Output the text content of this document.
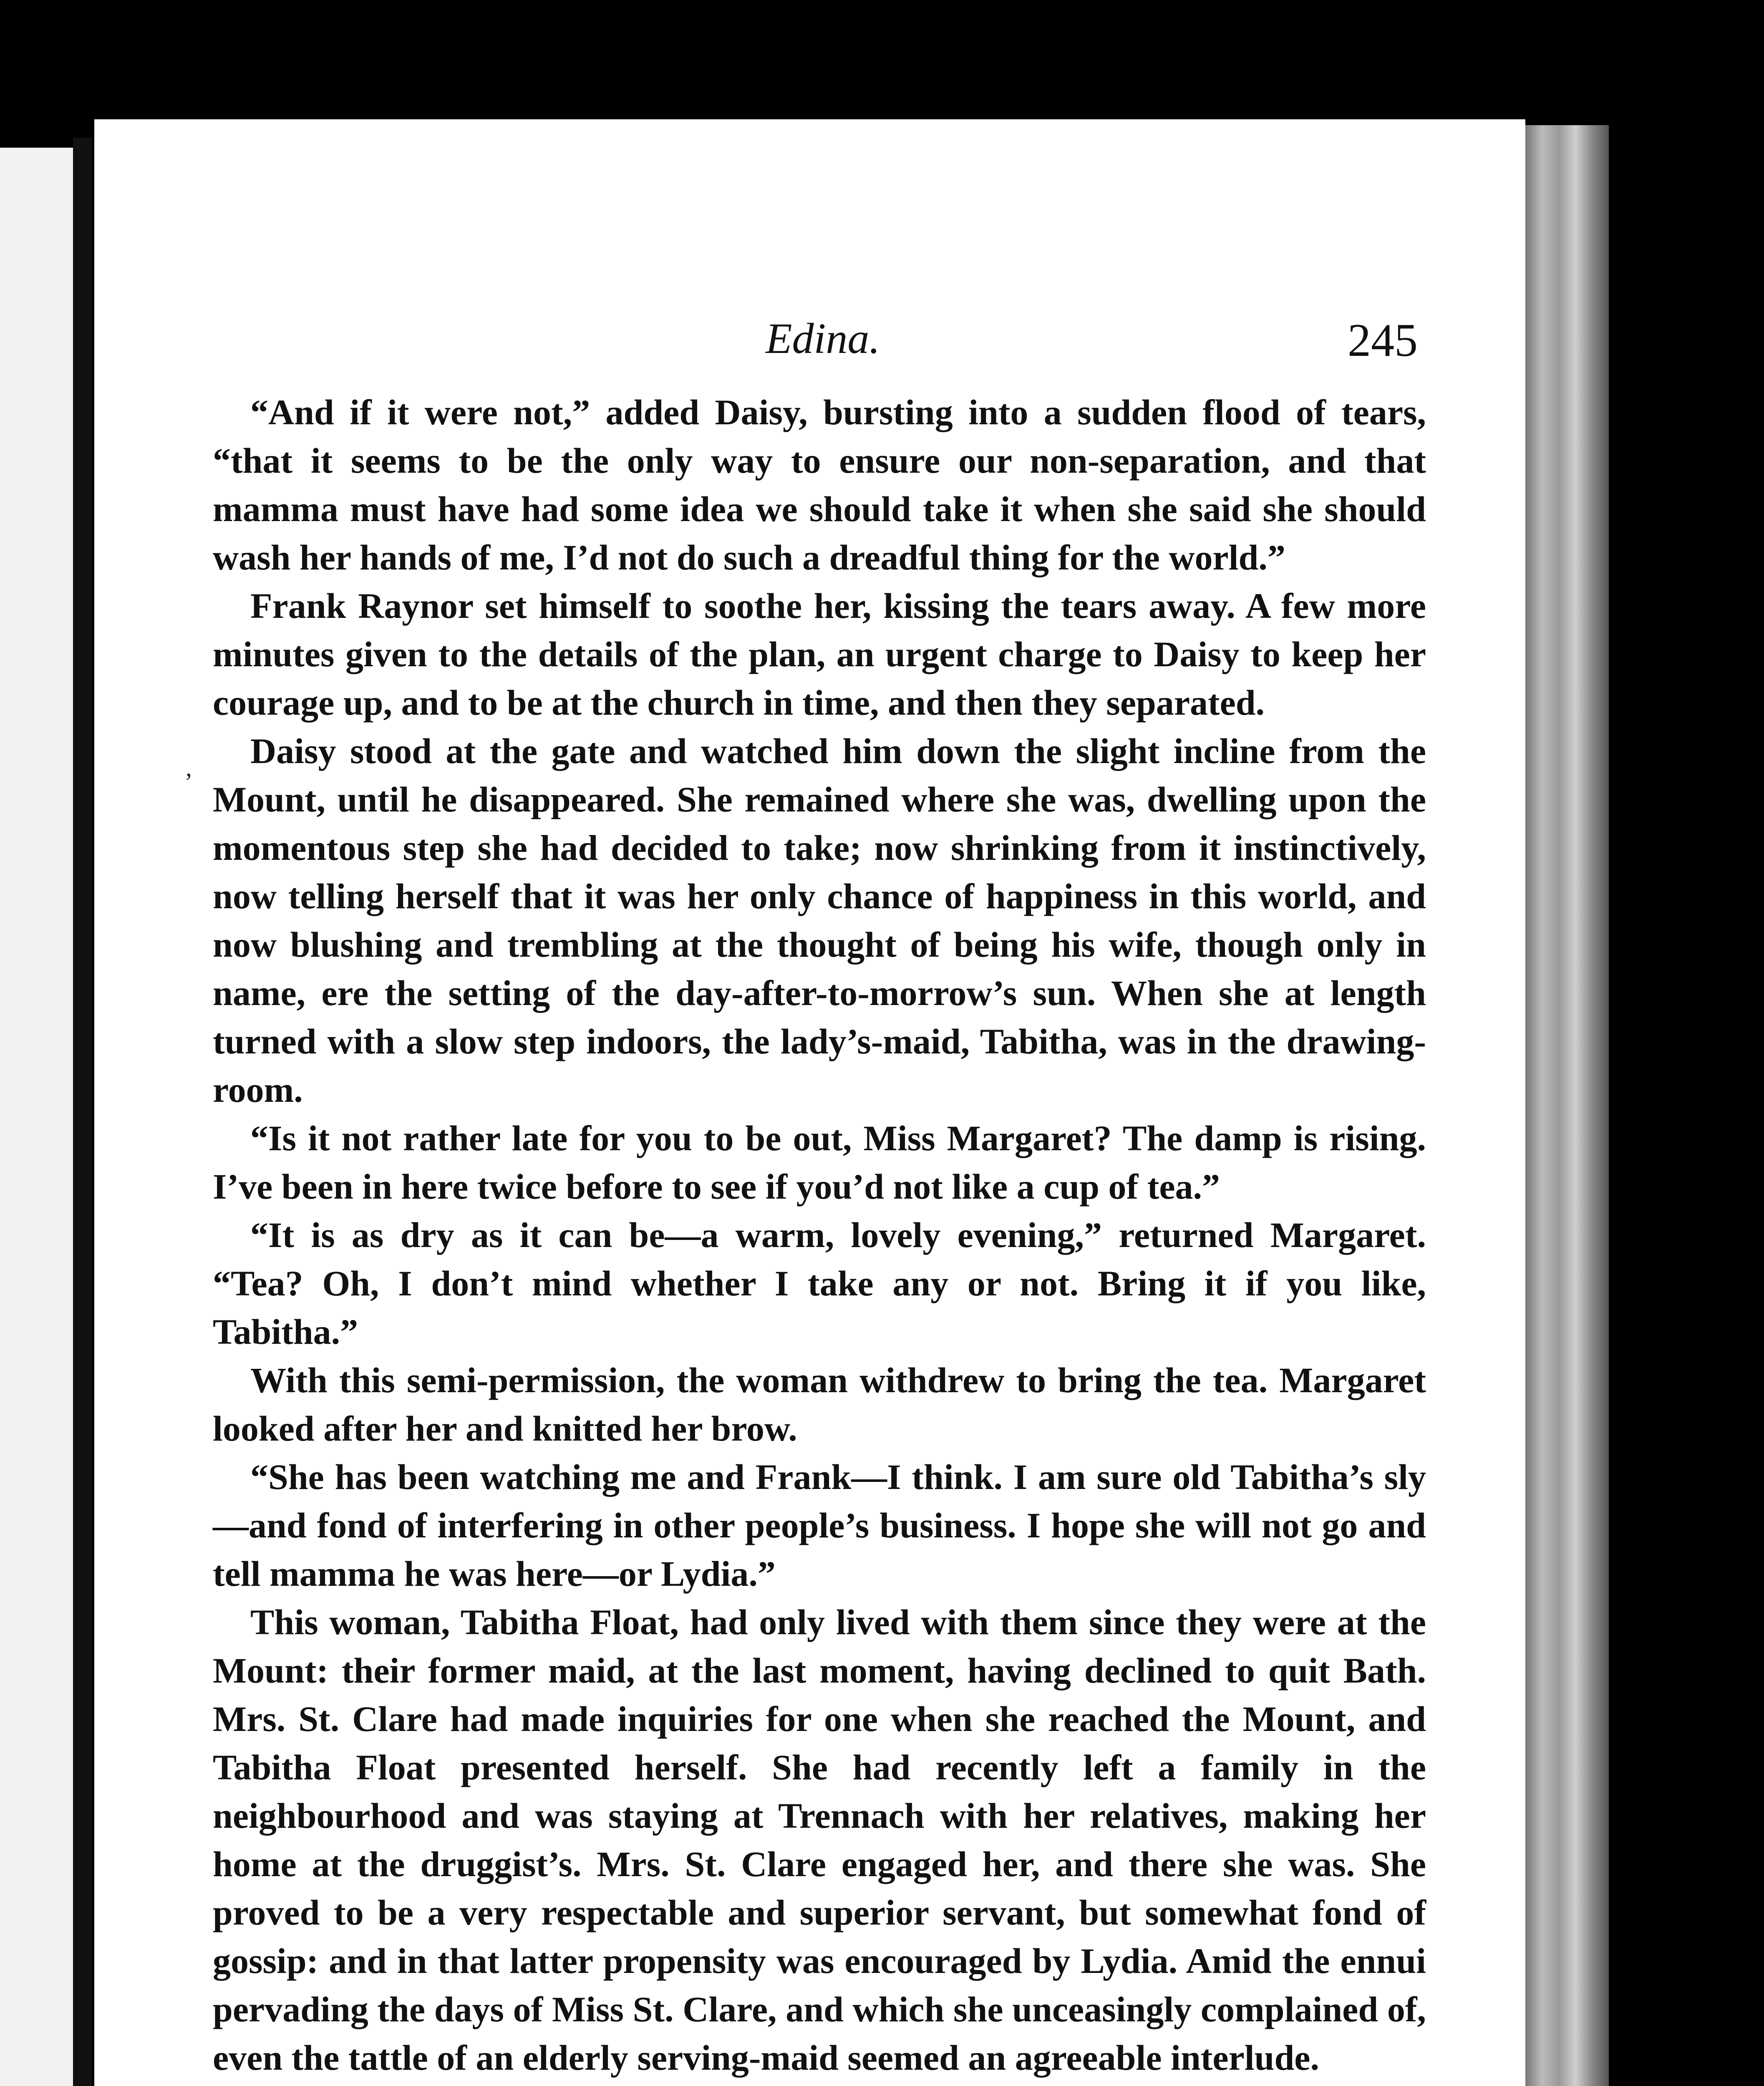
Edina.	245

“And if it were not,” added Daisy, bursting into a sudden flood of tears, “that it seems to be the only way to ensure our non-separation, and that mamma must have had some idea we should take it when she said she should wash her hands of me, I’d not do such a dreadful thing for the world.”

Frank Raynor set himself to soothe her, kissing the tears away. A few more minutes given to the details of the plan, an urgent charge to Daisy to keep her courage up, and to be at the church in time, and then they separated.

Daisy stood at the gate and watched him down the slight incline from the Mount, until he disappeared. She remained where she was, dwelling upon the momentous step she had decided to take; now shrinking from it instinctively, now telling herself that it was her only chance of happiness in this world, and now blushing and trembling at the thought of being his wife, though only in name, ere the setting of the day-after-to-morrow’s sun. When she at length turned with a slow step indoors, the lady’s-maid, Tabitha, was in the drawing-room.

“Is it not rather late for you to be out, Miss Margaret? The damp is rising. I’ve been in here twice before to see if you’d not like a cup of tea.”

“It is as dry as it can be—a warm, lovely evening,” returned Margaret. “Tea? Oh, I don’t mind whether I take any or not. Bring it if you like, Tabitha.”

With this semi-permission, the woman withdrew to bring the tea. Margaret looked after her and knitted her brow.

“She has been watching me and Frank—I think. I am sure old Tabitha’s sly—and fond of interfering in other people’s business. I hope she will not go and tell mamma he was here—or Lydia.”

This woman, Tabitha Float, had only lived with them since they were at the Mount: their former maid, at the last moment, having declined to quit Bath. Mrs. St. Clare had made inquiries for one when she reached the Mount, and Tabitha Float presented herself. She had recently left a family in the neighbourhood and was staying at Trennach with her relatives, making her home at the druggist’s. Mrs. St. Clare engaged her, and there she was. She proved to be a very respectable and superior servant, but somewhat fond of gossip: and in that latter propensity was encouraged by Lydia. Amid the ennui pervading the days of Miss St. Clare, and which she unceasingly complained of, even the tattle of an elderly serving-maid seemed an agreeable interlude.

,
